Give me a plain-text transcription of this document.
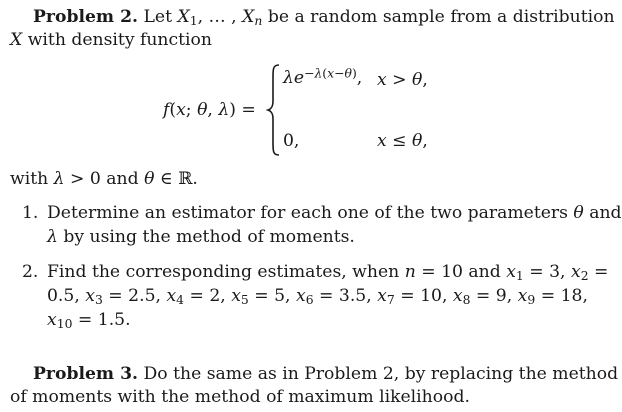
Problem 2. Let $X_1$, … , $X_n$ be a random sample from a distribution

X with density function

f(x; θ, λ) =
$\lambda e^{-\lambda(x-\theta)}$, x > θ,
0,	x ≤ θ,

with λ > 0 and θ ∈ ℝ.

1. Determine an estimator for each one of the two parameters θ and

λ by using the method of moments.

2. Find the corresponding estimates, when n = 10 and $x_1 = 3$, $x_2$ =

0.5, $x_3 = 2.5$, $x_4 = 2$, $x_5 = 5$, $x_6 = 3.5$, $x_7 = 10$, $x_8 = 9$, $x_9 = 18$,

$x_{10} = 1.5$.

Problem 3. Do the same as in Problem 2, by replacing the method

of moments with the method of maximum likelihood.
